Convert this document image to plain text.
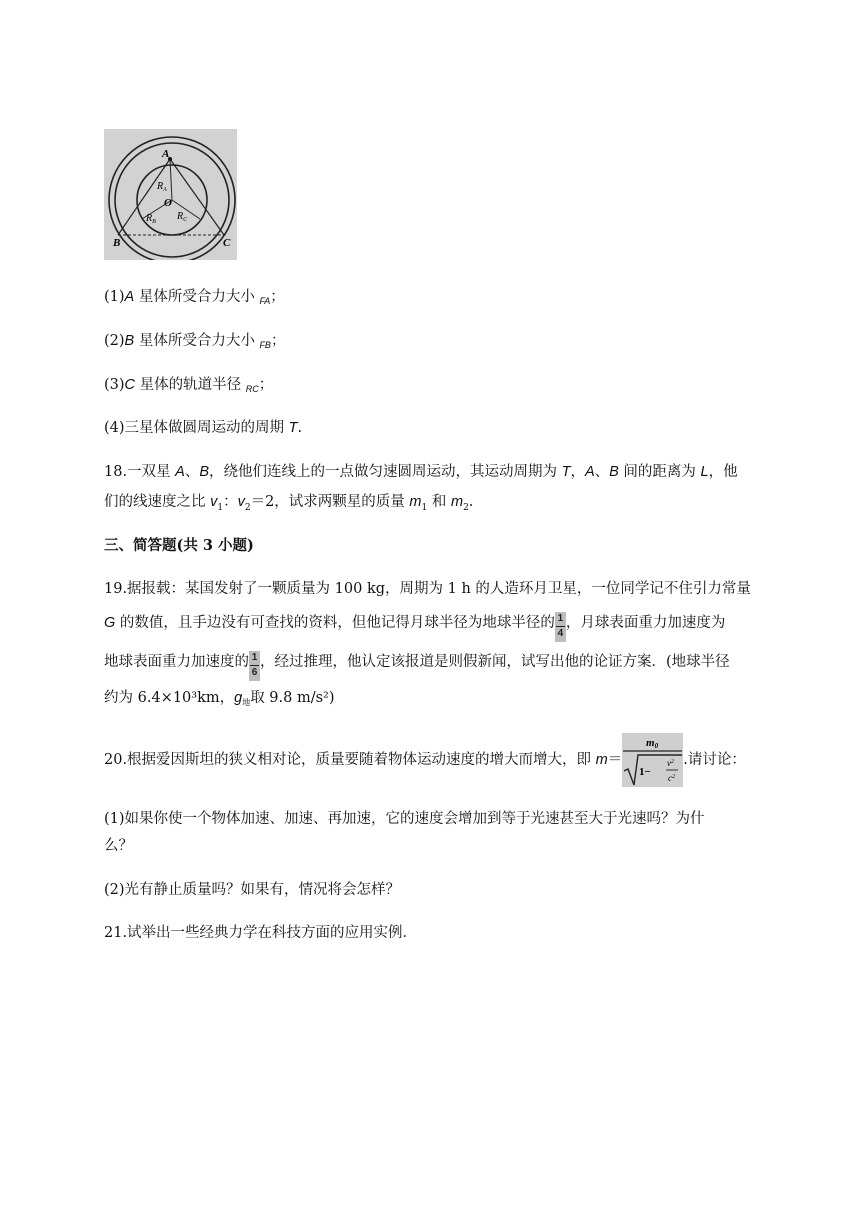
A
B	C
O
$R_A$
$R_B$ $R_C$
(1)A 星体所受合力大小 $_{FA}$；
(2)B 星体所受合力大小 $_{FB}$；
(3)C 星体的轨道半径 $_{RC}$；
(4)三星体做圆周运动的周期 T.
18.一双星 A、B，绕他们连线上的一点做匀速圆周运动，其运动周期为 T，A、B 间的距离为 L，他
们的线速度之比 $v_1$：$v_2=2$，试求两颗星的质量 $m_1$ 和 $m_2$.
三、简答题(共 3 小题)
19.据报载：某国发射了一颗质量为 100 kg，周期为 1 h 的人造环月卫星，一位同学记不住引力常量
G 的数值，且手边没有可查找的资料，但他记得月球半径为地球半径的$\frac{1}{4}$，月球表面重力加速度为
地球表面重力加速度的$\frac{1}{6}$，经过推理，他认定该报道是则假新闻，试写出他的论证方案．(地球半径
约为 6.4×10³km，$g_地$取 9.8 m/s²)
20.根据爱因斯坦的狭义相对论，质量要随着物体运动速度的增大而增大，即 m＝
m0
1−
$v^2$
$c^2$
.请讨论：
(1)如果你使一个物体加速、加速、再加速，它的速度会增加到等于光速甚至大于光速吗？为什
么？
(2)光有静止质量吗？如果有，情况将会怎样？
21.试举出一些经典力学在科技方面的应用实例．
